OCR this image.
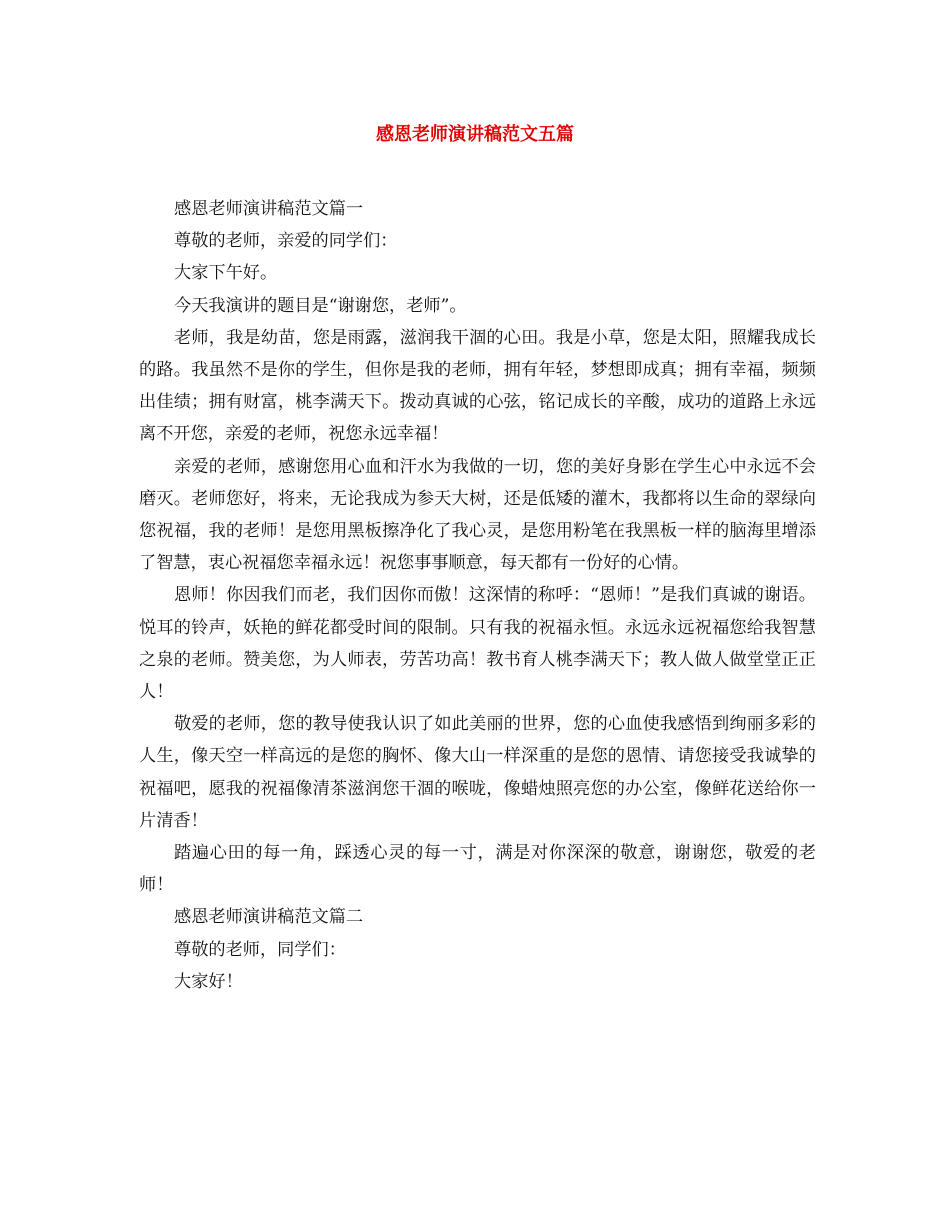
感恩老师演讲稿范文五篇

感恩老师演讲稿范文篇一

尊敬的老师，亲爱的同学们：

大家下午好。

今天我演讲的题目是“谢谢您，老师”。

老师，我是幼苗，您是雨露，滋润我干涸的心田。我是小草，您是太阳，照耀我成长的路。我虽然不是你的学生，但你是我的老师，拥有年轻，梦想即成真；拥有幸福，频频出佳绩；拥有财富，桃李满天下。拨动真诚的心弦，铭记成长的辛酸，成功的道路上永远离不开您，亲爱的老师，祝您永远幸福！

亲爱的老师，感谢您用心血和汗水为我做的一切，您的美好身影在学生心中永远不会磨灭。老师您好，将来，无论我成为参天大树，还是低矮的灌木，我都将以生命的翠绿向您祝福，我的老师！是您用黑板擦净化了我心灵，是您用粉笔在我黑板一样的脑海里增添了智慧，衷心祝福您幸福永远！祝您事事顺意，每天都有一份好的心情。

恩师！你因我们而老，我们因你而傲！这深情的称呼：“恩师！”是我们真诚的谢语。悦耳的铃声，妖艳的鲜花都受时间的限制。只有我的祝福永恒。永远永远祝福您给我智慧之泉的老师。赞美您，为人师表，劳苦功高！教书育人桃李满天下；教人做人做堂堂正正人！

敬爱的老师，您的教导使我认识了如此美丽的世界，您的心血使我感悟到绚丽多彩的人生，像天空一样高远的是您的胸怀、像大山一样深重的是您的恩情、请您接受我诚挚的祝福吧，愿我的祝福像清茶滋润您干涸的喉咙，像蜡烛照亮您的办公室，像鲜花送给你一片清香！

踏遍心田的每一角，踩透心灵的每一寸，满是对你深深的敬意，谢谢您，敬爱的老师！

感恩老师演讲稿范文篇二

尊敬的老师，同学们：

大家好！
